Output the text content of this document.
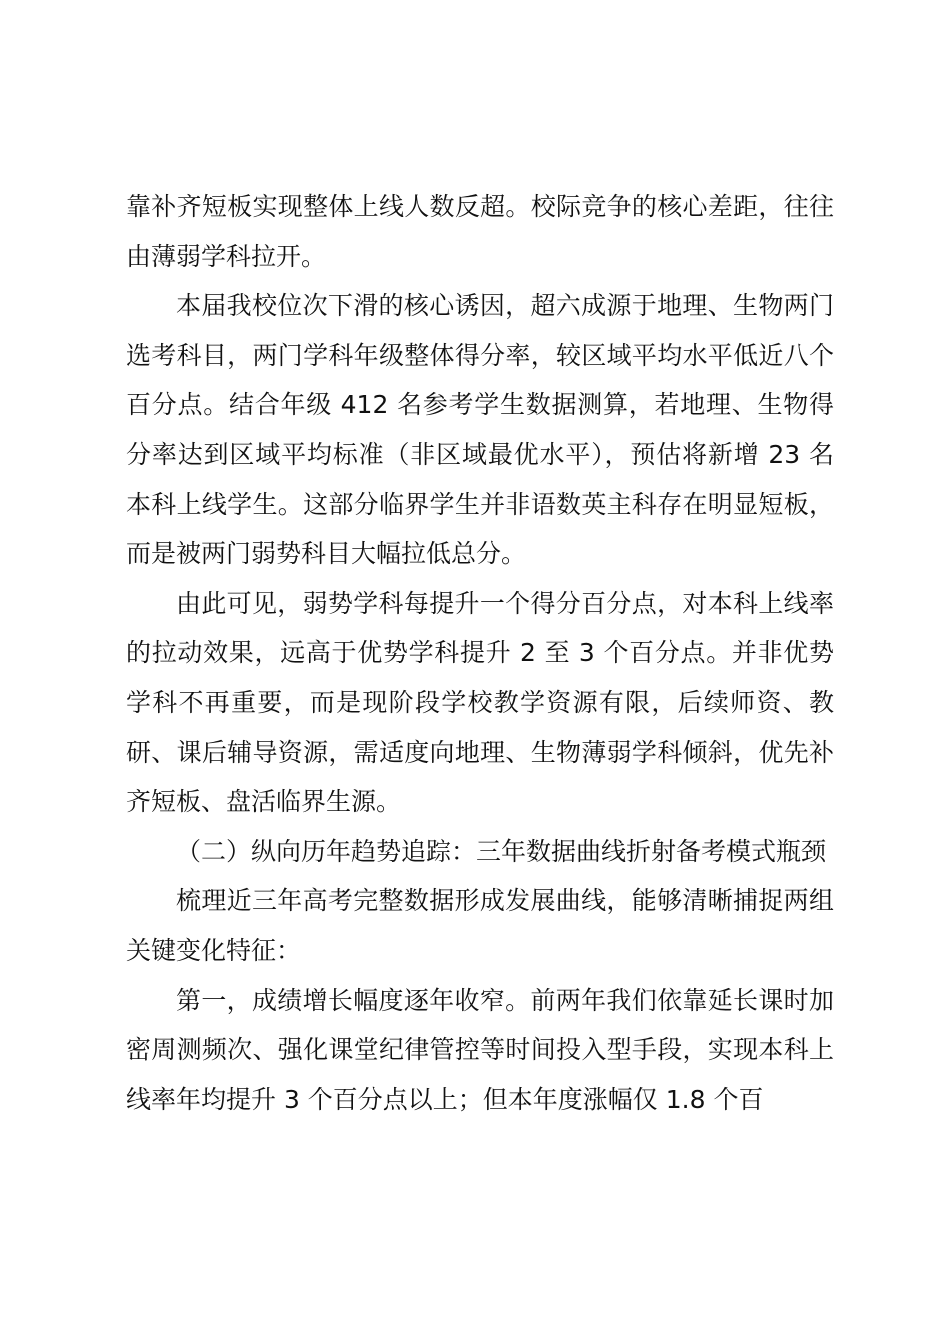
靠补齐短板实现整体上线人数反超。校际竞争的核心差距，往往由薄弱学科拉开。

本届我校位次下滑的核心诱因，超六成源于地理、生物两门选考科目，两门学科年级整体得分率，较区域平均水平低近八个百分点。结合年级 412 名参考学生数据测算，若地理、生物得分率达到区域平均标准（非区域最优水平），预估将新增 23 名本科上线学生。这部分临界学生并非语数英主科存在明显短板，而是被两门弱势科目大幅拉低总分。

由此可见，弱势学科每提升一个得分百分点，对本科上线率的拉动效果，远高于优势学科提升 2 至 3 个百分点。并非优势学科不再重要，而是现阶段学校教学资源有限，后续师资、教研、课后辅导资源，需适度向地理、生物薄弱学科倾斜，优先补齐短板、盘活临界生源。

（二）纵向历年趋势追踪：三年数据曲线折射备考模式瓶颈

梳理近三年高考完整数据形成发展曲线，能够清晰捕捉两组关键变化特征：

第一，成绩增长幅度逐年收窄。前两年我们依靠延长课时加密周测频次、强化课堂纪律管控等时间投入型手段，实现本科上线率年均提升 3 个百分点以上；但本年度涨幅仅 1.8 个百
